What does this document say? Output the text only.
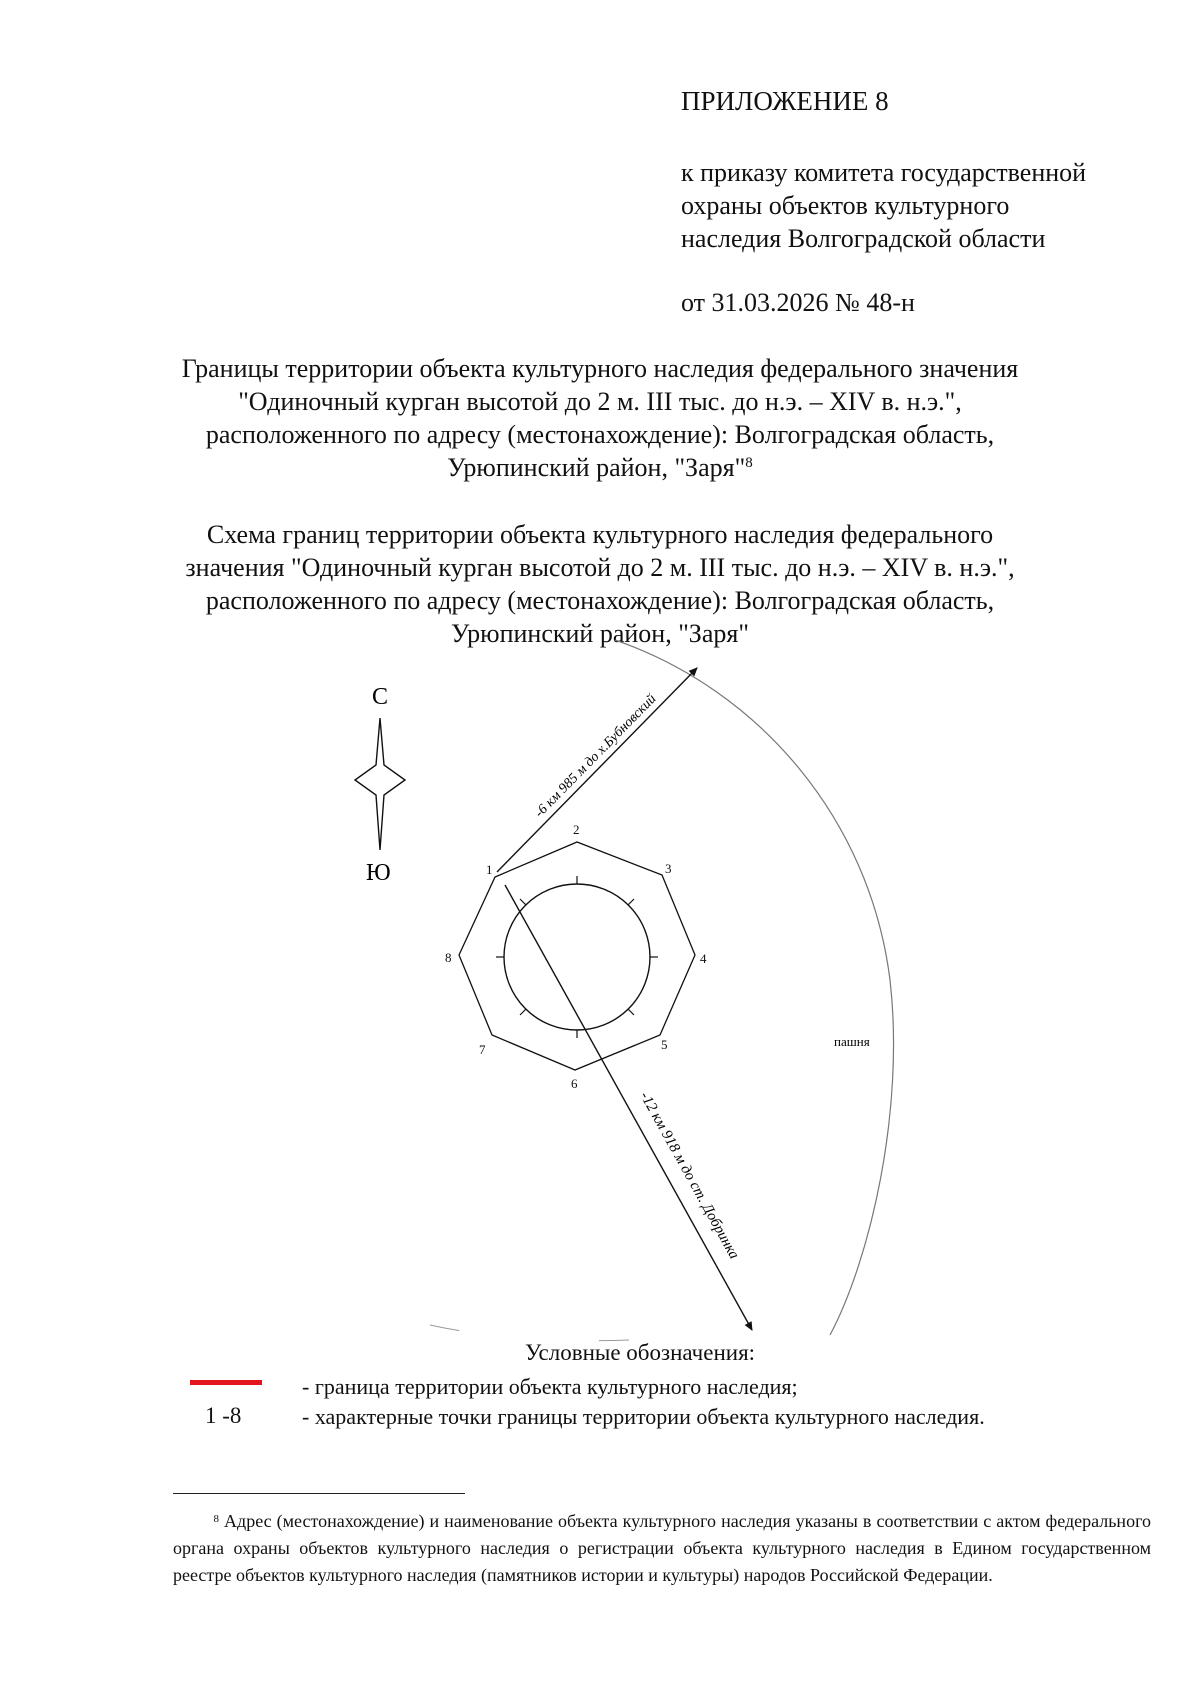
ПРИЛОЖЕНИЕ 8
к приказу комитета государственной
охраны объектов культурного
наследия Волгоградской области
от 31.03.2026 № 48-н
Границы территории объекта культурного наследия федерального значения
"Одиночный курган высотой до 2 м. III тыс. до н.э. – XIV в. н.э.",
расположенного по адресу (местонахождение): Волгоградская область,
Урюпинский район, "Заря"$^8$
Схема границ территории объекта культурного наследия федерального
значения "Одиночный курган высотой до 2 м. III тыс. до н.э. – XIV в. н.э.",
расположенного по адресу (местонахождение): Волгоградская область,
Урюпинский район, "Заря"
С
Ю
-6 км 985 м до х.Бубновский
-12 км 918 м до ст. Добринка
пашня
1
2
3
4
5
6
7
8
Условные обозначения:
- граница территории объекта культурного наследия;
1 -8	- характерные точки границы территории объекта культурного наследия.
$^8$ Адрес (местонахождение) и наименование объекта культурного наследия указаны в соответствии с актом федерального органа охраны объектов культурного наследия о регистрации объекта культурного наследия в Едином государственном реестре объектов культурного наследия (памятников истории и культуры) народов Российской Федерации.
